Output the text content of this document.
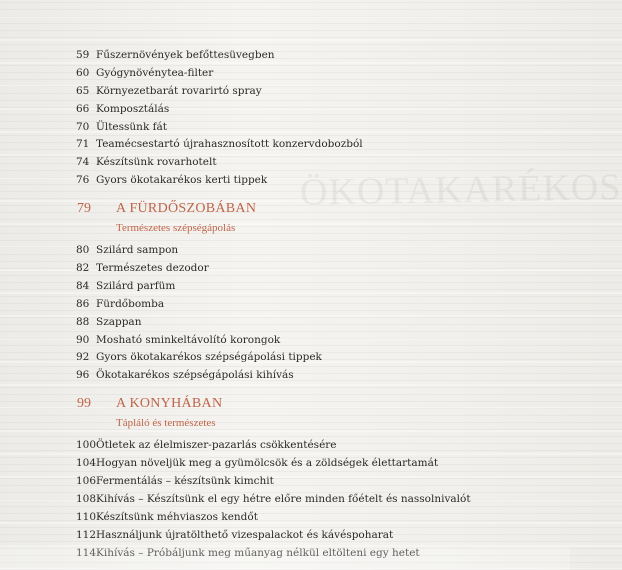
ÖKOTAKARÉKOS
59 Fűszernövények befőttesüvegben
60 Gyógynövénytea-filter
65 Környezetbarát rovarirtó spray
66 Komposztálás
70 Ültessünk fát
71 Teamécsestartó újrahasznosított konzervdobozból
74 Készítsünk rovarhotelt
76 Gyors ökotakarékos kerti tippek
79	A FÜRDŐSZOBÁBAN
Természetes szépségápolás
80 Szilárd sampon
82 Természetes dezodor
84 Szilárd parfüm
86 Fürdőbomba
88 Szappan
90 Mosható sminkeltávolító korongok
92 Gyors ökotakarékos szépségápolási tippek
96 Ökotakarékos szépségápolási kihívás
99	A KONYHÁBAN
Tápláló és természetes
100 Ötletek az élelmiszer-pazarlás csökkentésére
104 Hogyan növeljük meg a gyümölcsök és a zöldségek élettartamát
106 Fermentálás – készítsünk kimchit
108 Kihívás – Készítsünk el egy hétre előre minden főételt és nassolnivalót
110 Készítsünk méhviaszos kendőt
112 Használjunk újratölthető vizespalackot és kávéspoharat
114 Kihívás – Próbáljunk meg műanyag nélkül eltölteni egy hetet
